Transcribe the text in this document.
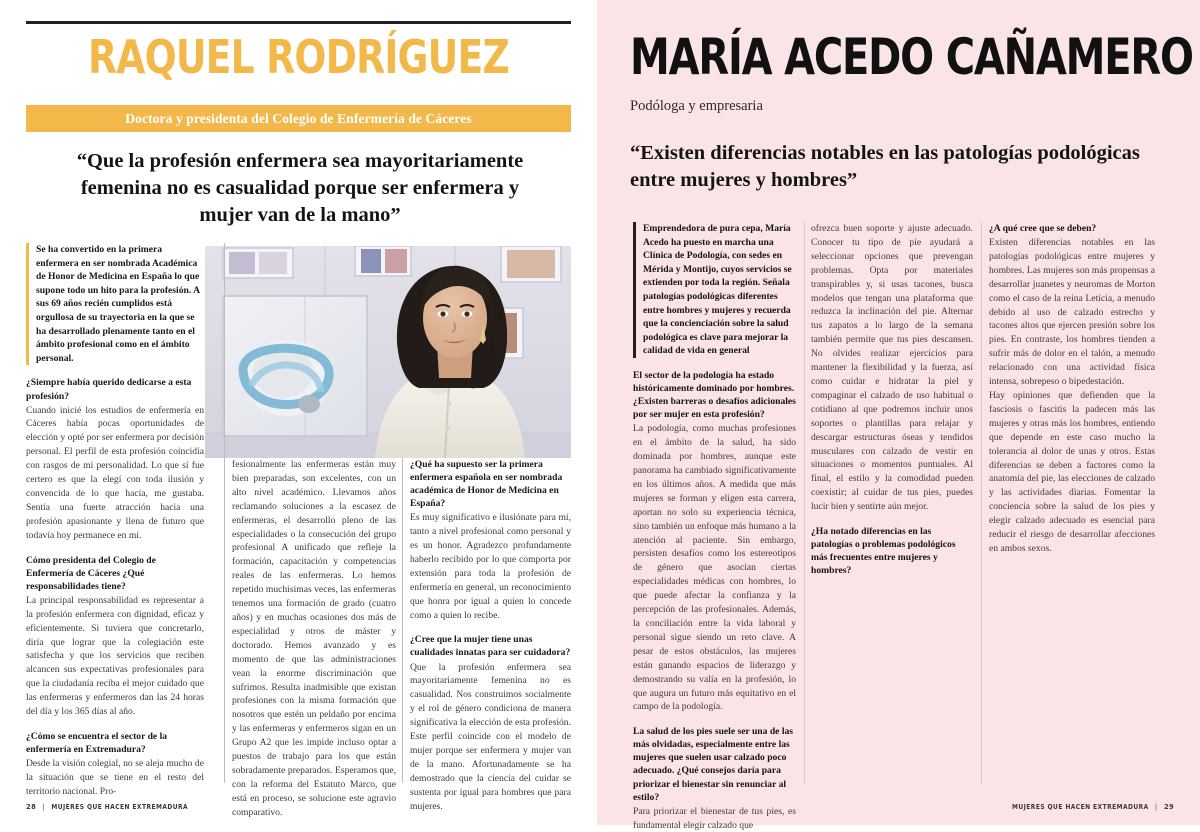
RAQUEL RODRÍGUEZ
Doctora y presidenta del Colegio de Enfermería de Cáceres
“Que la profesión enfermera sea mayoritariamente femenina no es casualidad porque ser enfermera y mujer van de la mano”
Se ha convertido en la primera enfermera en ser nombrada Académica de Honor de Medicina en España lo que supone todo un hito para la profesión. A sus 69 años recién cumplidos está orgullosa de su trayectoria en la que se ha desarrollado plenamente tanto en el ámbito profesional como en el ámbito personal.
¿Siempre había querido dedicarse a esta profesión?
Cuando inicié los estudios de enfermería en Cáceres había pocas oportunidades de elección y opté por ser enfermera por decisión personal. El perfil de esta profesión coincidía con rasgos de mi personalidad. Lo que sí fue certero es que la elegí con toda ilusión y convencida de lo que hacía, me gustaba. Sentía una fuerte atracción hacia una profesión apasionante y llena de futuro que todavía hoy permanece en mí.
Cómo presidenta del Colegio de Enfermería de Cáceres ¿Qué responsabilidades tiene?
La principal responsabilidad es representar a la profesión enfermera con dignidad, eficaz y eficientemente. Si tuviera que concretarlo, diría que lograr que la colegiación este satisfecha y que los servicios que reciben alcancen sus expectativas profesionales para que la ciudadanía reciba el mejor cuidado que las enfermeras y enfermeros dan las 24 horas del día y los 365 días al año.
¿Cómo se encuentra el sector de la enfermería en Extremadura?
Desde la visión colegial, no se aleja mucho de la situación que se tiene en el resto del territorio nacional. Pro-
fesionalmente las enfermeras están muy bien preparadas, son excelentes, con un alto nivel académico. Llevamos años reclamando soluciones a la escasez de enfermeras, el desarrollo pleno de las especialidades o la consecución del grupo profesional A unificado que refleje la formación, capacitación y competencias reales de las enfermeras. Lo hemos repetido muchísimas veces, las enfermeras tenemos una formación de grado (cuatro años) y en muchas ocasiones dos más de especialidad y otros de máster y doctorado. Hemos avanzado y es momento de que las administraciones vean la enorme discriminación que sufrimos. Resulta inadmisible que existan profesiones con la misma formación que nosotros que estén un peldaño por encima y las enfermeras y enfermeros sigan en un Grupo A2 que les impide incluso optar a puestos de trabajo para los que están sobradamente preparados. Esperamos que, con la reforma del Estatuto Marco, que está en proceso, se solucione este agravio comparativo.
¿Qué ha supuesto ser la primera enfermera española en ser nombrada académica de Honor de Medicina en España?
Es muy significativo e ilusiónate para mí, tanto a nivel profesional como personal y es un honor. Agradezco profundamente haberlo recibido por lo que comporta por extensión para toda la profesión de enfermería en general, un reconocimiento que honra por igual a quien lo concede como a quien lo recibe.
¿Cree que la mujer tiene unas cualidades innatas para ser cuidadora?
Que la profesión enfermera sea mayoritariamente femenina no es casualidad. Nos construimos socialmente y el rol de género condiciona de manera significativa la elección de esta profesión. Este perfil coincide con el modelo de mujer porque ser enfermera y mujer van de la mano. Afortunadamente se ha demostrado que la ciencia del cuidar se sustenta por igual para hombres que para mujeres.
28 | MUJERES QUE HACEN EXTREMADURA
MARÍA ACEDO CAÑAMERO
Podóloga y empresaria
“Existen diferencias notables en las patologías podológicas entre mujeres y hombres”
MUJERES QUE HACEN EXTREMADURA | 29
Emprendedora de pura cepa, María Acedo ha puesto en marcha una Clínica de Podología, con sedes en Mérida y Montijo, cuyos servicios se extienden por toda la región. Señala patologías podológicas diferentes entre hombres y mujeres y recuerda que la concienciación sobre la salud podológica es clave para mejorar la calidad de vida en general
El sector de la podología ha estado históricamente dominado por hombres. ¿Existen barreras o desafíos adicionales por ser mujer en esta profesión?
La podología, como muchas profesiones en el ámbito de la salud, ha sido dominada por hombres, aunque este panorama ha cambiado significativamente en los últimos años. A medida que más mujeres se forman y eligen esta carrera, aportan no solo su experiencia técnica, sino también un enfoque más humano a la atención al paciente. Sin embargo, persisten desafíos como los estereotipos de género que asocian ciertas especialidades médicas con hombres, lo que puede afectar la confianza y la percepción de las profesionales. Además, la conciliación entre la vida laboral y personal sigue siendo un reto clave. A pesar de estos obstáculos, las mujeres están ganando espacios de liderazgo y demostrando su valía en la profesión, lo que augura un futuro más equitativo en el campo de la podología.
La salud de los pies suele ser una de las más olvidadas, especialmente entre las mujeres que suelen usar calzado poco adecuado. ¿Qué consejos daría para priorizar el bienestar sin renunciar al estilo?
Para priorizar el bienestar de tus pies, es fundamental elegir calzado que
ofrezca buen soporte y ajuste adecuado. Conocer tu tipo de pie ayudará a seleccionar opciones que prevengan problemas. Opta por materiales transpirables y, si usas tacones, busca modelos que tengan una plataforma que reduzca la inclinación del pie. Alternar tus zapatos a lo largo de la semana también permite que tus pies descansen. No olvides realizar ejercicios para mantener la flexibilidad y la fuerza, así como cuidar e hidratar la piel y compaginar el calzado de uso habitual o cotidiano al que podremos incluir unos soportes o plantillas para relajar y descargar estructuras óseas y tendidos musculares con calzado de vestir en situaciones o momentos puntuales. Al final, el estilo y la comodidad pueden coexistir; al cuidar de tus pies, puedes lucir bien y sentirte aún mejor.
¿Ha notado diferencias en las patologías o problemas podológicos más frecuentes entre mujeres y hombres?
¿A qué cree que se deben?
Existen diferencias notables en las patologías podológicas entre mujeres y hombres. Las mujeres son más propensas a desarrollar juanetes y neuromas de Morton como el caso de la reina Leticia, a menudo debido al uso de calzado estrecho y tacones altos que ejercen presión sobre los pies. En contraste, los hombres tienden a sufrir más de dolor en el talón, a menudo relacionado con una actividad física intensa, sobrepeso o bipedestación.
Hay opiniones que defienden que la fasciosis o fascitis la padecen más las mujeres y otras más los hombres, entiendo que depende en este caso mucho la tolerancia al dolor de unas y otros. Estas diferencias se deben a factores como la anatomía del pie, las elecciones de calzado y las actividades diarias. Fomentar la conciencia sobre la salud de los pies y elegir calzado adecuado es esencial para reducir el riesgo de desarrollar afecciones en ambos sexos.
